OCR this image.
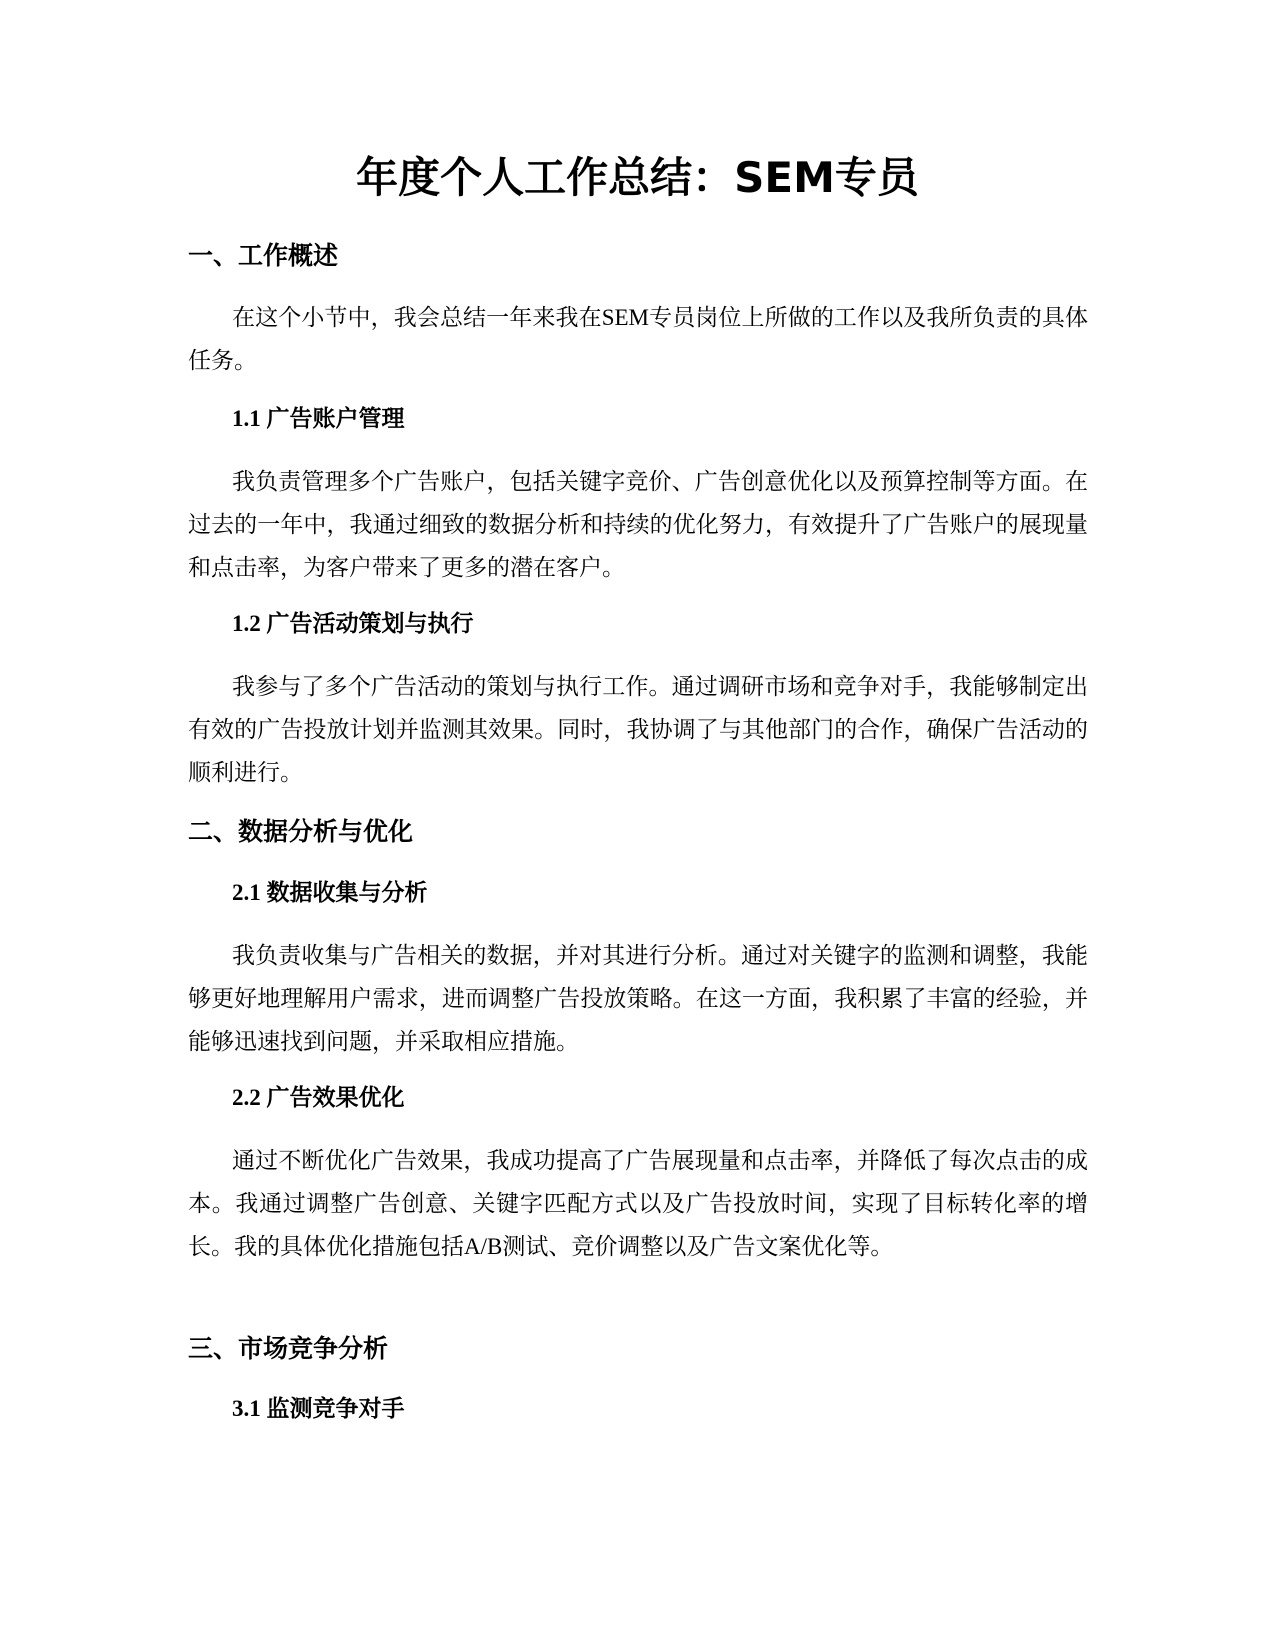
年度个人工作总结：SEM专员
一、工作概述

在这个小节中，我会总结一年来我在SEM专员岗位上所做的工作以及我所负责的具体任务。

1.1 广告账户管理

我负责管理多个广告账户，包括关键字竞价、广告创意优化以及预算控制等方面。在过去的一年中，我通过细致的数据分析和持续的优化努力，有效提升了广告账户的展现量和点击率，为客户带来了更多的潜在客户。

1.2 广告活动策划与执行

我参与了多个广告活动的策划与执行工作。通过调研市场和竞争对手，我能够制定出有效的广告投放计划并监测其效果。同时，我协调了与其他部门的合作，确保广告活动的顺利进行。

二、数据分析与优化
2.1 数据收集与分析

我负责收集与广告相关的数据，并对其进行分析。通过对关键字的监测和调整，我能够更好地理解用户需求，进而调整广告投放策略。在这一方面，我积累了丰富的经验，并能够迅速找到问题，并采取相应措施。

2.2 广告效果优化

通过不断优化广告效果，我成功提高了广告展现量和点击率，并降低了每次点击的成本。我通过调整广告创意、关键字匹配方式以及广告投放时间，实现了目标转化率的增长。我的具体优化措施包括A/B测试、竞价调整以及广告文案优化等。

三、市场竞争分析
3.1 监测竞争对手
